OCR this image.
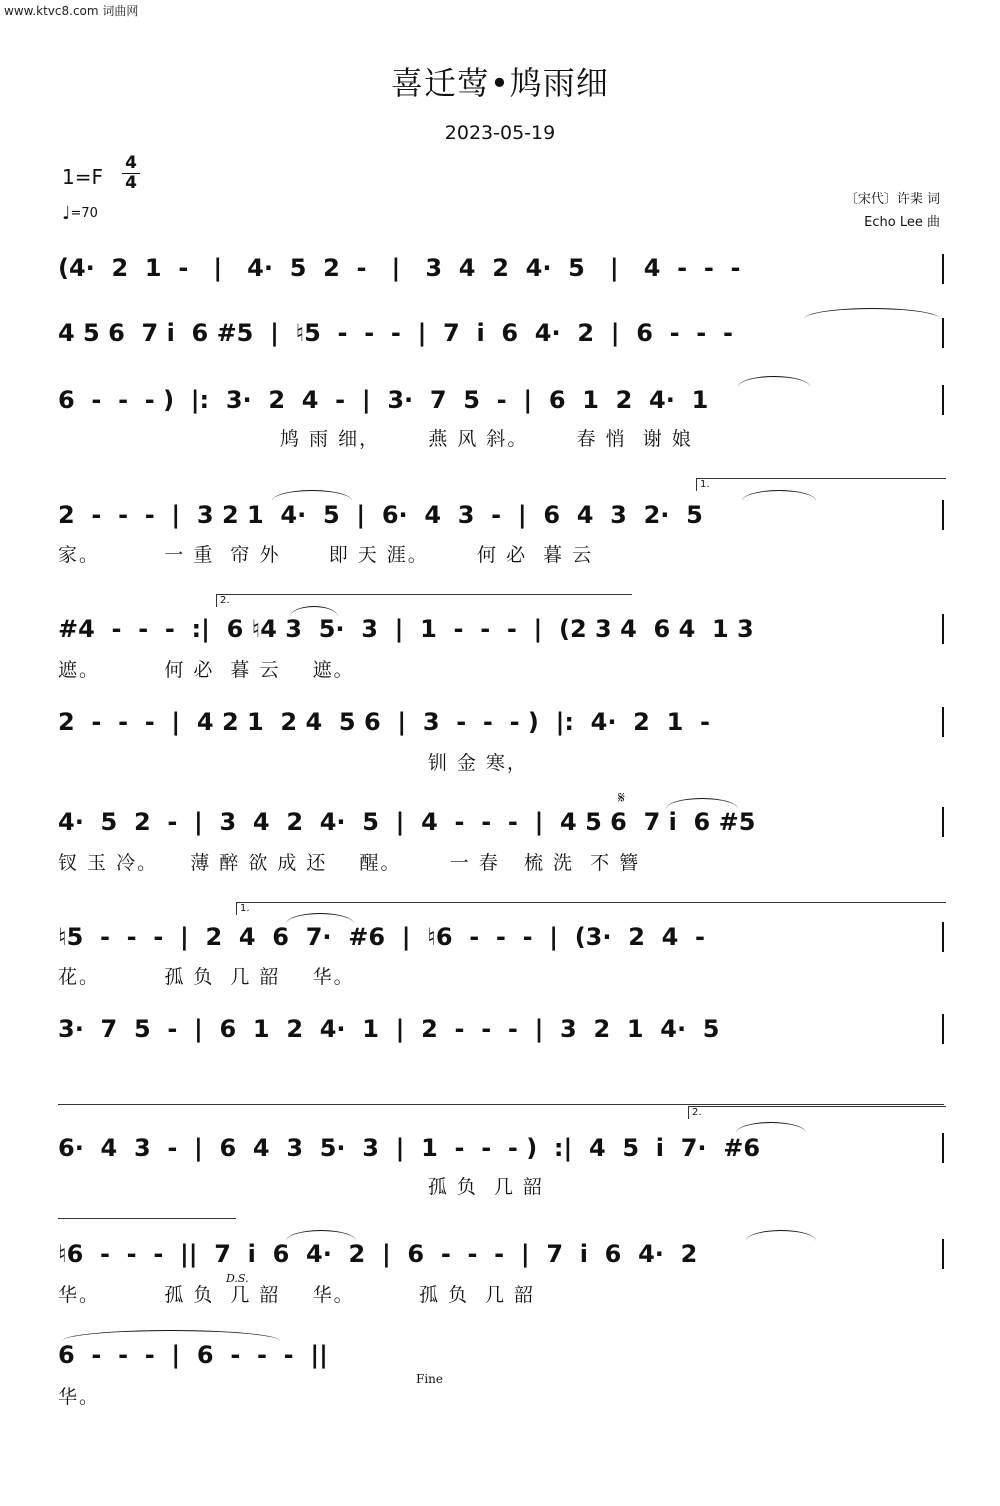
www.ktvc8.com 词曲网
喜迁莺•鸠雨细
2023-05-19
1=F
4
4
♩ =70
〔宋代〕许棐 词
Echo Lee 曲
(4·  2  1  -   |   4·  5  2  -   |   3  4  2  4·  5   |   4  -  -  -
4 5 6  7 i  6 #5  |  ♮5  -  -  -  |  7  i  6  4·  2  |  6  -  -  -
6  -  -  - )  |:  3·  2  4  -  |  3·  7  5  -  |  6  1  2  4·  1
鸠 雨 细，      燕 风 斜。      春 悄  谢 娘
1.
2  -  -  -  |  3 2 1  4·  5  |  6·  4  3  -  |  6  4  3  2·  5
家。        一 重  帘 外      即 天 涯。      何 必  暮 云
2.
#4  -  -  -  :|  6 ♮4 3  5·  3  |  1  -  -  -  |  (2 3 4  6 4  1 3
遮。        何 必  暮 云    遮。
2  -  -  -  |  4 2 1  2 4  5 6  |  3  -  -  - )  |:  4·  2  1  -
钏 金 寒，
𝄋
4·  5  2  -  |  3  4  2  4·  5  |  4  -  -  -  |  4 5 6  7 i  6 #5
钗 玉 冷。    薄 醉 欲 成 还    醒。      一 春   梳 洗  不 簪
1.
♮5  -  -  -  |  2  4  6  7·  #6  |  ♮6  -  -  -  |  (3·  2  4  -
花。        孤 负  几 韶    华。
3·  7  5  -  |  6  1  2  4·  1  |  2  -  -  -  |  3  2  1  4·  5
2.
6·  4  3  -  |  6  4  3  5·  3  |  1  -  -  - )  :|  4  5  i  7·  #6
孤 负  几 韶
♮6  -  -  -  ||  7  i  6  4·  2  |  6  -  -  -  |  7  i  6  4·  2
D.S.
华。        孤 负  几 韶    华。        孤 负  几 韶
6  -  -  -  |  6  -  -  -  ||
Fine
华。
